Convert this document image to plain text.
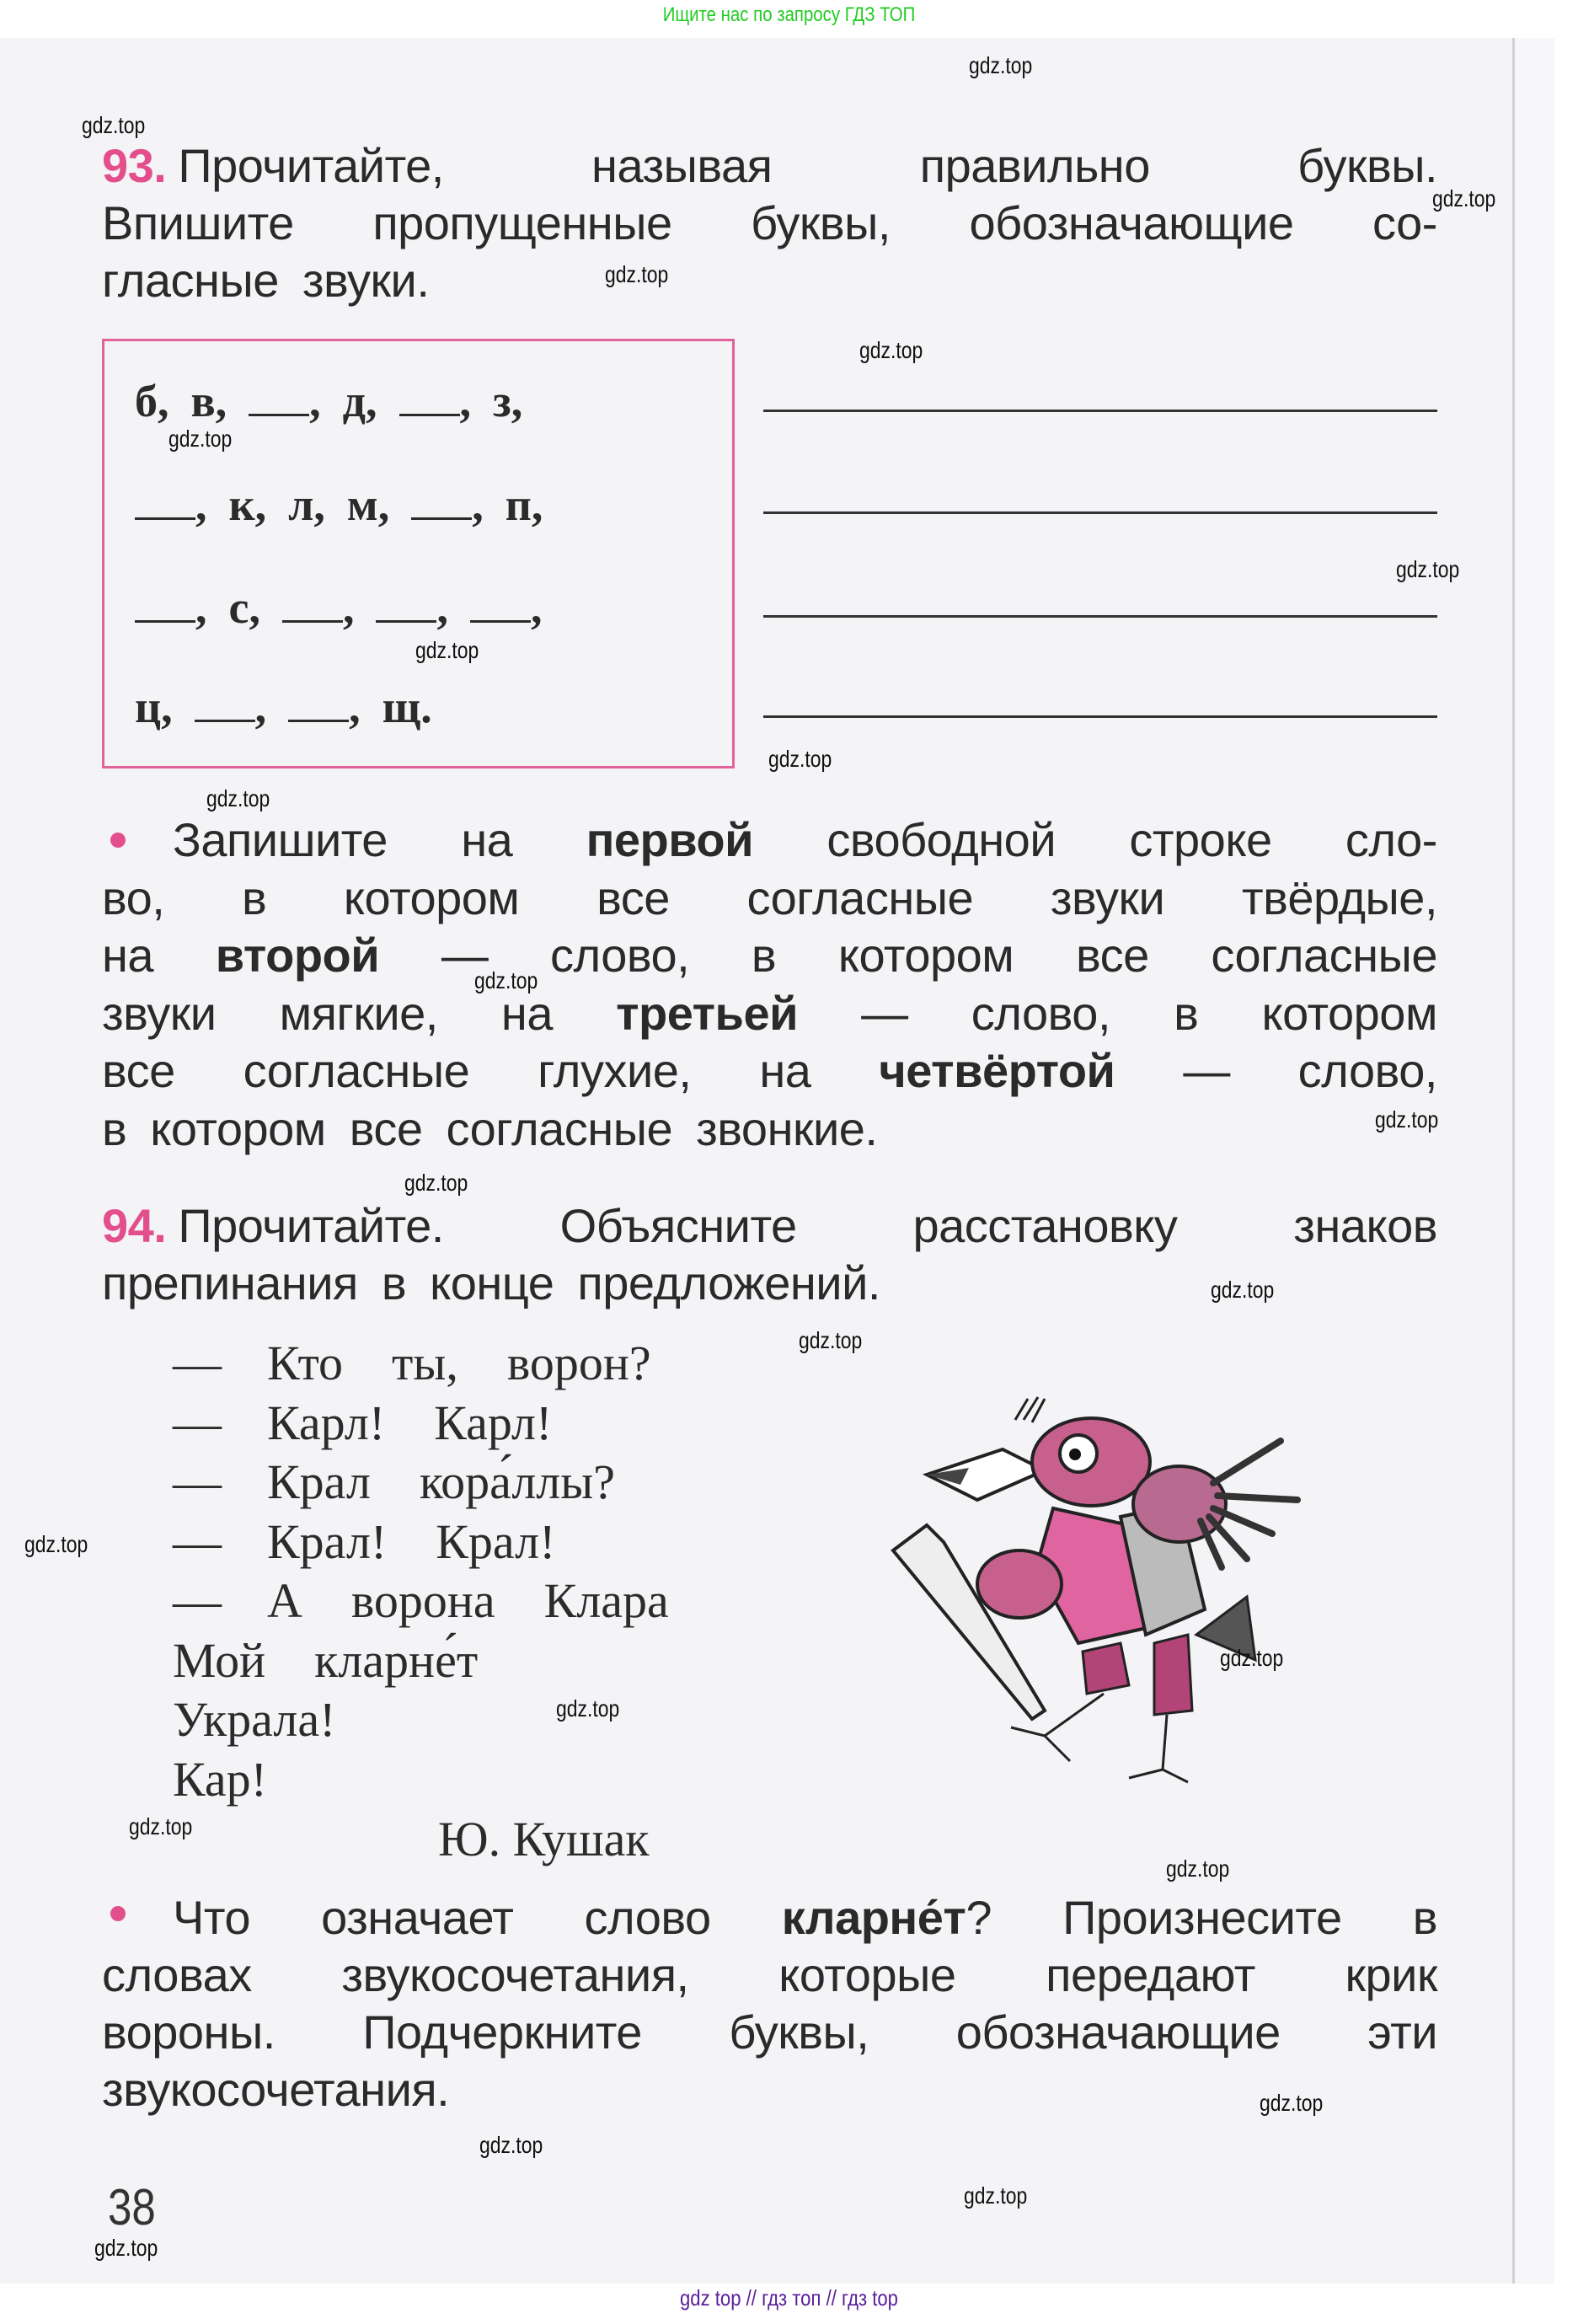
Ищите нас по запросу ГДЗ ТОП
93. Прочитайте,	называя	правильно	буквы.
Впишите пропущенные буквы, обозначающие со-
гласные звуки.
б, в, , д, , з,
, к, л, м, , п,
, с, , , ,
ц, , , щ.
Запишите на первой свободной строке сло-
во, в котором все согласные звуки твёрдые,
на второй — слово, в котором все согласные
звуки мягкие, на третьей — слово, в котором
все согласные глухие, на четвёртой — слово,
в котором все согласные звонкие.
94. Прочитайте. Объясните расстановку знаков
препинания в конце предложений.
— Кто ты, ворон?
— Карл! Карл!
— Крал кора́ллы?
— Крал! Крал!
— А ворона Клара
Мой кларне́т
Украла!
Кар!
Ю. Кушак
Что означает слово кларне́т? Произнесите в
словах звукосочетания, которые передают крик
вороны. Подчеркните буквы, обозначающие эти
звукосочетания.
38
gdz.top
gdz.top
gdz.top
gdz.top
gdz.top
gdz.top
gdz.top
gdz.top
gdz.top
gdz.top
gdz.top
gdz.top
gdz.top
gdz.top
gdz.top
gdz.top
gdz.top
gdz.top
gdz.top
gdz.top
gdz.top
gdz.top
gdz.top
gdz.top
gdz top // гдз топ // гдз top
